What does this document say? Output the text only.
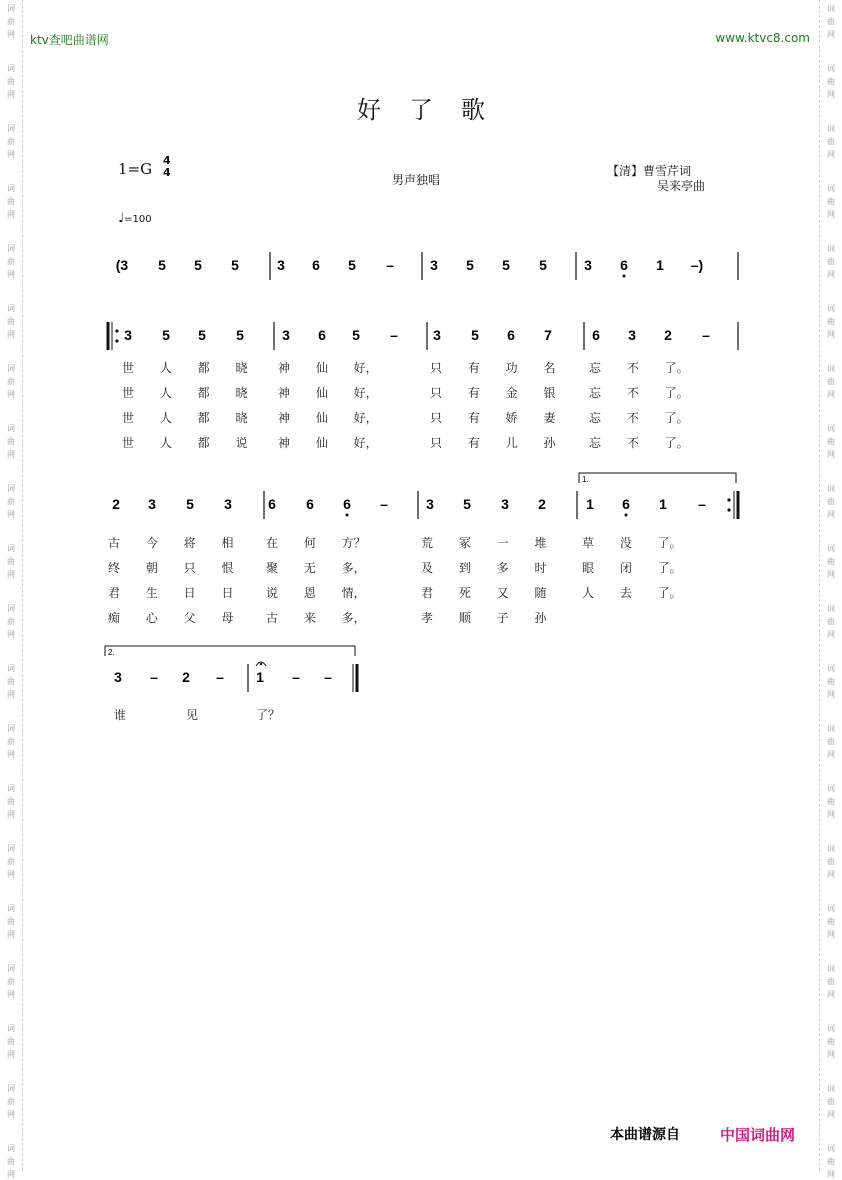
词
曲
网
词
曲
网
词
曲
网
词
曲
网
词
曲
网
词
曲
网
词
曲
网
词
曲
网
词
曲
网
词
曲
网
词
曲
网
词
曲
网
词
曲
网
词
曲
网
词
曲
网
词
曲
网
词
曲
网
词
曲
网
词
曲
网
词
曲
网
词
曲
网
词
曲
网
词
曲
网
词
曲
网
词
曲
网
词
曲
网
词
曲
网
词
曲
网
词
曲
网
词
曲
网
词
曲
网
词
曲
网
词
曲
网
词
曲
网
词
曲
网
词
曲
网
词
曲
网
词
曲
网
词
曲
网
词
曲
网
ktv查吧曲谱网	www.ktvc8.com
好了歌
1=G 4
4
男声独唱
【清】曹雪芹词
吴来亭曲
♩=100
(3 5 5 5	3 6 5 –	3 5 5 5	3 6 1 –)
3 5 5 5	3 6 5 –	3 5 6 7	6 3 2 –
1.
2 3 5 3	6 6 6 –	3 5 3 2	1 6 1 –
2.
3 – 2 – 1 – –
世 人 都 晓	神 仙 好，	只 有 功 名	忘 不 了。
世 人 都 晓	神 仙 好，	只 有 金 银	忘 不 了。
世 人 都 晓	神 仙 好，	只 有 娇 妻	忘 不 了。
世 人 都 说	神 仙 好，	只 有 儿 孙	忘 不 了。
古 今 将 相	在 何 方？	荒 冢 一 堆	草 没 了。
终 朝 只 恨	聚 无 多，	及 到 多 时	眼 闭 了。
君 生 日 日	说 恩 情，	君 死 又 随	人 去 了。
痴 心 父 母	古 来 多，	孝 顺 子 孙
谁	见	了？
本曲谱源自	中国词曲网
